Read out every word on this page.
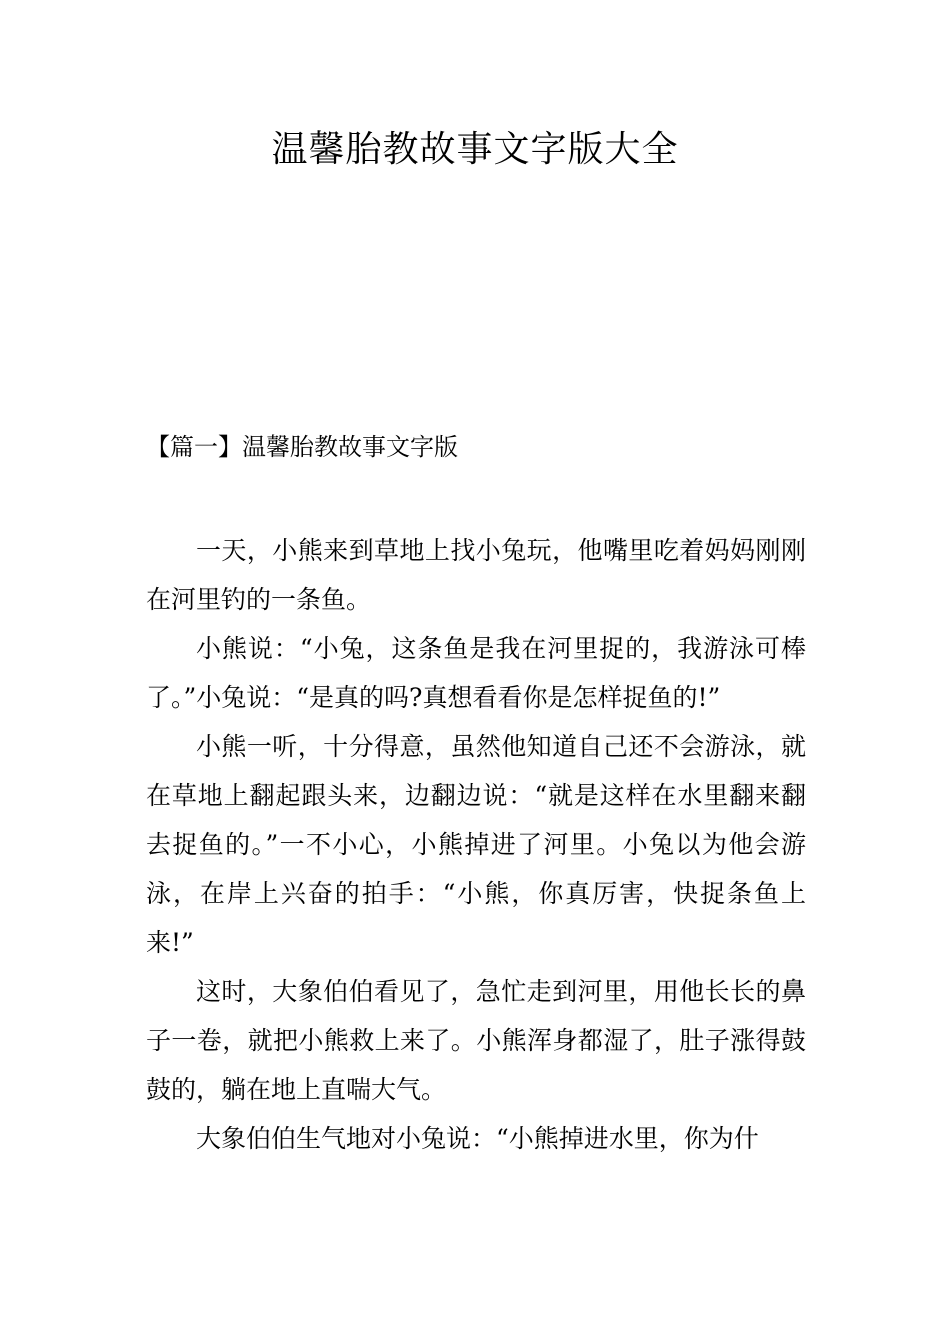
温馨胎教故事文字版大全
【篇一】温馨胎教故事文字版

一天，小熊来到草地上找小兔玩，他嘴里吃着妈妈刚刚在河里钓的一条鱼。

小熊说：“小兔，这条鱼是我在河里捉的，我游泳可棒了。”小兔说：“是真的吗?真想看看你是怎样捉鱼的!”

小熊一听，十分得意，虽然他知道自己还不会游泳，就在草地上翻起跟头来，边翻边说：“就是这样在水里翻来翻去捉鱼的。”一不小心，小熊掉进了河里。小兔以为他会游泳，在岸上兴奋的拍手：“小熊，你真厉害，快捉条鱼上来!”

这时，大象伯伯看见了，急忙走到河里，用他长长的鼻子一卷，就把小熊救上来了。小熊浑身都湿了，肚子涨得鼓鼓的，躺在地上直喘大气。

大象伯伯生气地对小兔说：“小熊掉进水里，你为什
